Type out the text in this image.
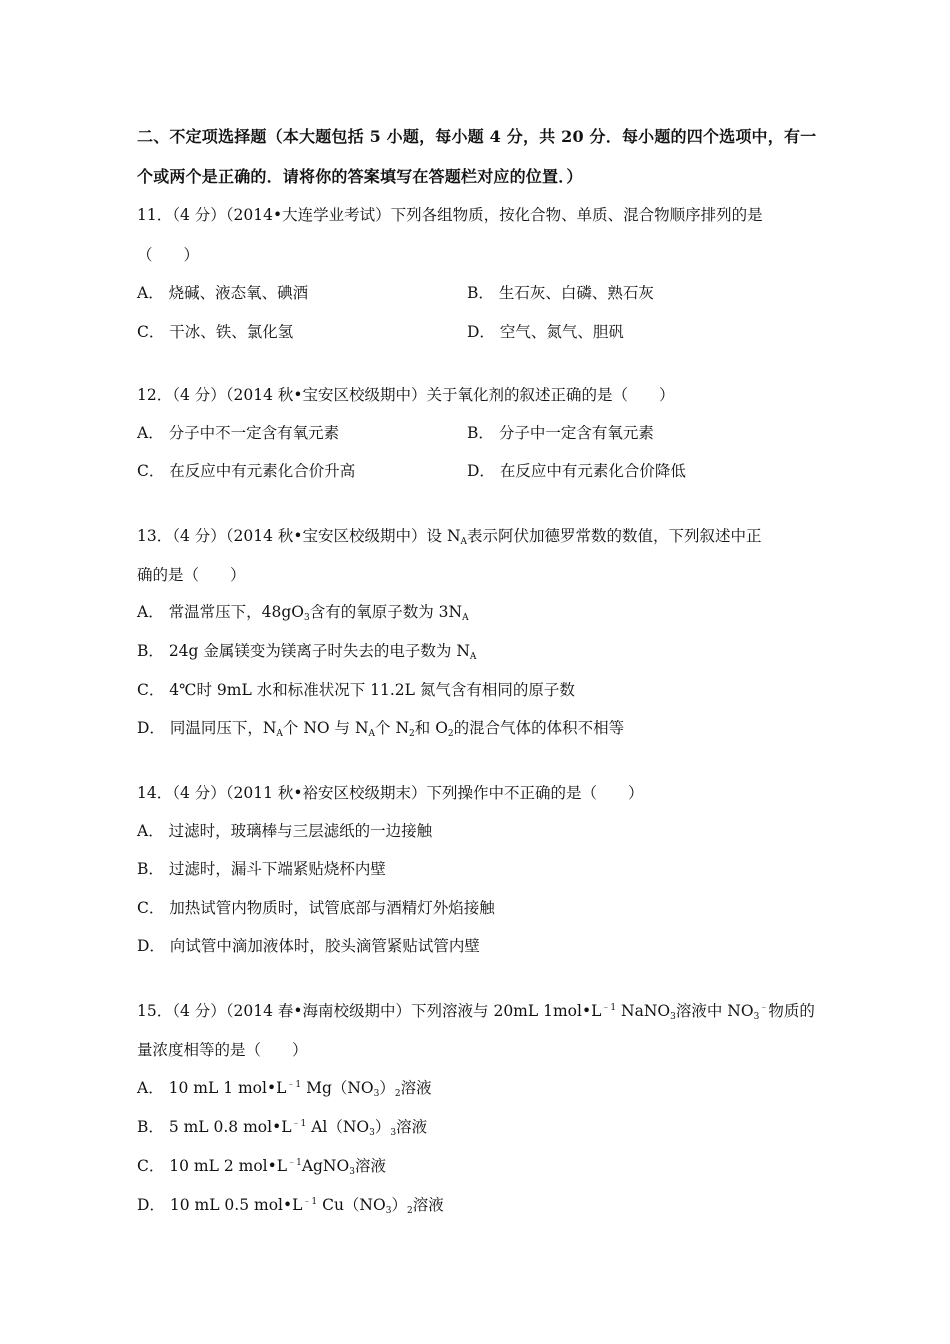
二、不定项选择题（本大题包括 5 小题，每小题 4 分，共 20 分．每小题的四个选项中，有一
个或两个是正确的．请将你的答案填写在答题栏对应的位置．）
11．（4 分）（2014•大连学业考试）下列各组物质，按化合物、单质、混合物顺序排列的是
（　　）
A． 烧碱、液态氧、碘酒	B． 生石灰、白磷、熟石灰
C． 干冰、铁、氯化氢	D． 空气、氮气、胆矾
12．（4 分）（2014 秋•宝安区校级期中）关于氧化剂的叙述正确的是（　　）
A． 分子中不一定含有氧元素	B． 分子中一定含有氧元素
C． 在反应中有元素化合价升高	D． 在反应中有元素化合价降低
13．（4 分）（2014 秋•宝安区校级期中）设 $N_A$表示阿伏加德罗常数的数值，下列叙述中正
确的是（　　）
A． 常温常压下，$48gO_3$含有的氧原子数为 $3N_A$
B． 24g 金属镁变为镁离子时失去的电子数为 $N_A$
C． 4℃时 9mL 水和标准状况下 11.2L 氮气含有相同的原子数
D． 同温同压下，$N_A$个 NO 与 $N_A$个 $N_2$和 $O_2$的混合气体的体积不相等
14．（4 分）（2011 秋•裕安区校级期末）下列操作中不正确的是（　　）
A． 过滤时，玻璃棒与三层滤纸的一边接触
B． 过滤时，漏斗下端紧贴烧杯内壁
C． 加热试管内物质时，试管底部与酒精灯外焰接触
D． 向试管中滴加液体时，胶头滴管紧贴试管内壁
15．（4 分）（2014 春•海南校级期中）下列溶液与 20mL $1mol•L^{﹣1}$ NaNO$_3$溶液中 $NO_3^﹣$物质的
量浓度相等的是（　　）
A． 10 mL 1 $mol•L^{﹣1}$ $Mg(NO_3)_2$溶液
B． 5 mL 0.8 $mol•L^{﹣1}$ $Al(NO_3)_3$溶液
C． 10 mL 2 $mol•L^{﹣1}AgNO_3$溶液
D． 10 mL 0.5 $mol•L^{﹣1}$ $Cu(NO_3)_2$溶液
